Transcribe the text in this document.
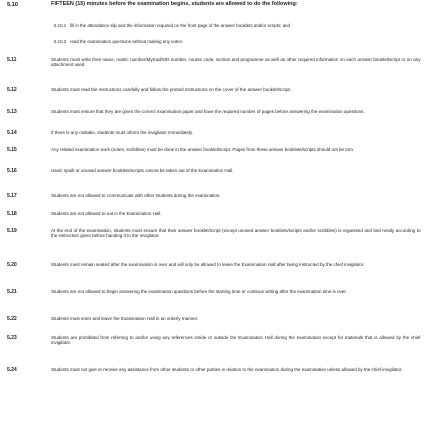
5.10	FIFTEEN (15) minutes before the examination begins, students are allowed to do the following:
5.10.1 fill in the attendance slip and the information required on the front page of the answer booklets and/or scripts; and
5.10.2 read the examination questions without making any notes.
5.11	Students must write their name, matric number/MyKad/SID number, course code, section and programme as well as other required information on each answer booklet/script or on any attachment used.
5.12	Students must read the instructions carefully and follow the printed instructions on the cover of the answer booklet/script.
5.13	Students must ensure that they are given the correct examination paper and have the required number of pages before answering the examination questions.
5.14	If there is any mistake, students must inform the invigilator immediately.
5.15	Any related examination work (notes, scribbles) must be done in the answer booklet/script. Pages from these answer booklets/scripts should not be torn.
5.16	Used, spoilt or unused answer booklets/scripts cannot be taken out of the Examination Hall.
5.17	Students are not allowed to communicate with other students during the examination.
5.18	Students are not allowed to eat in the Examination Hall.
5.19	At the end of the examination, students must ensure that their answer booklet/script (except unused answer booklets/scripts and/or scribbles) is organised and tied neatly according to the instruction given before handing it to the invigilator.
5.20	Students must remain seated after the examination is over and will only be allowed to leave the Examination Hall after being instructed by the chief invigilator.
5.21	Students are not allowed to begin answering the examination questions before the starting time or continue writing after the examination time is over.
5.22	Students must enter and leave the Examination Hall in an orderly manner.
5.23	Students are prohibited from referring to and/or using any references inside or outside the Examination Hall during the examination except for materials that is allowed by the chief invigilator.
5.24	Students must not give or receive any assistance from other students or other parties in relation to the examination during the examination unless allowed by the chief invigilator.
